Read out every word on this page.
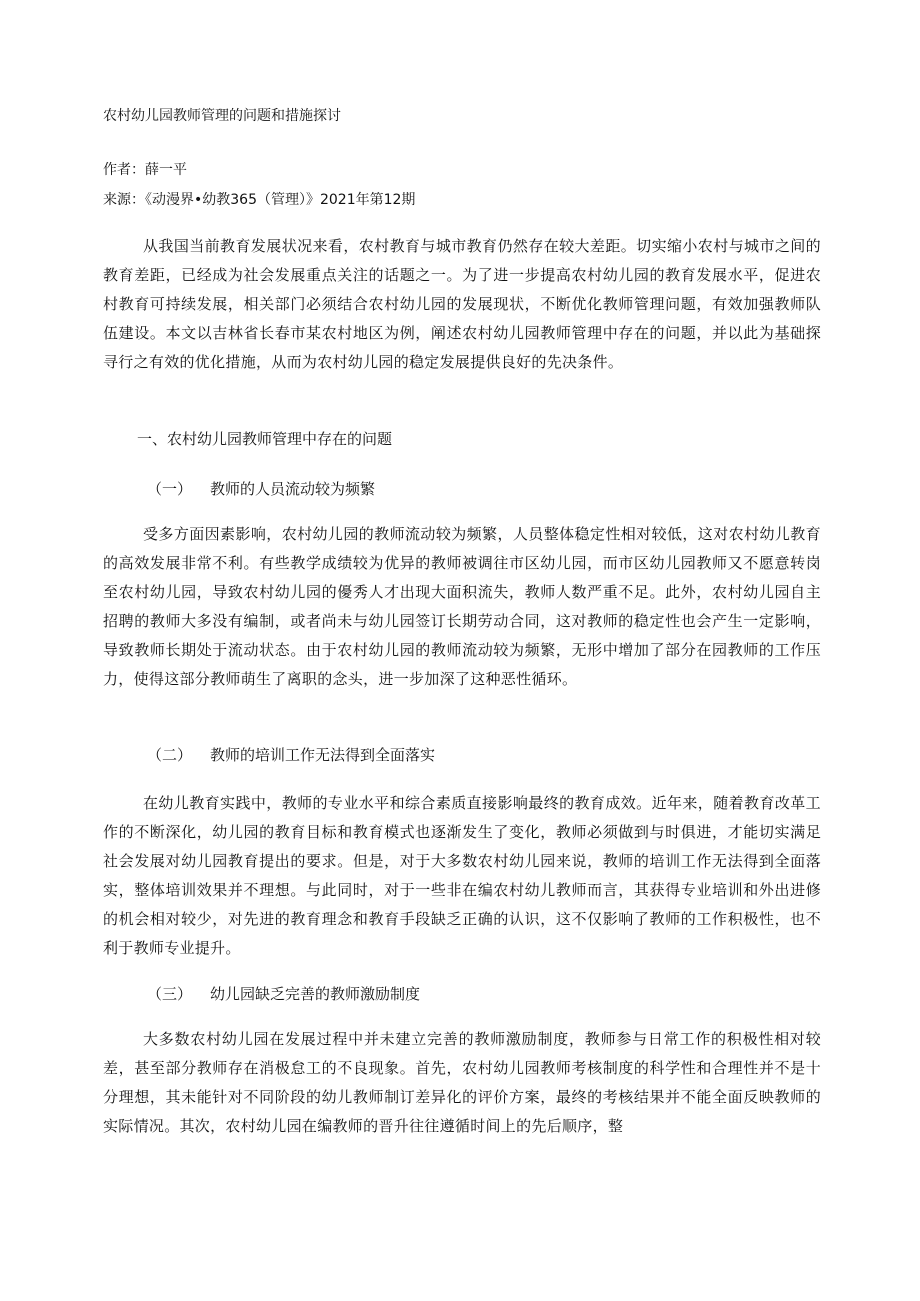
农村幼儿园教师管理的问题和措施探讨
作者：薛一平
来源：《动漫界•幼教365（管理）》2021年第12期

从我国当前教育发展状况来看，农村教育与城市教育仍然存在较大差距。切实缩小农村与城市之间的教育差距，已经成为社会发展重点关注的话题之一。为了进一步提高农村幼儿园的教育发展水平，促进农村教育可持续发展，相关部门必须结合农村幼儿园的发展现状，不断优化教师管理问题，有效加强教师队伍建设。本文以吉林省长春市某农村地区为例，阐述农村幼儿园教师管理中存在的问题，并以此为基础探寻行之有效的优化措施，从而为农村幼儿园的稳定发展提供良好的先决条件。

一、农村幼儿园教师管理中存在的问题
（一） 教师的人员流动较为频繁

受多方面因素影响，农村幼儿园的教师流动较为频繁，人员整体稳定性相对较低，这对农村幼儿教育的高效发展非常不利。有些教学成绩较为优异的教师被调往市区幼儿园，而市区幼儿园教师又不愿意转岗至农村幼儿园，导致农村幼儿园的優秀人才出现大面积流失，教师人数严重不足。此外，农村幼儿园自主招聘的教师大多没有编制，或者尚未与幼儿园签订长期劳动合同，这对教师的稳定性也会产生一定影响，导致教师长期处于流动状态。由于农村幼儿园的教师流动较为频繁，无形中增加了部分在园教师的工作压力，使得这部分教师萌生了离职的念头，进一步加深了这种恶性循环。

（二） 教师的培训工作无法得到全面落实

在幼儿教育实践中，教师的专业水平和综合素质直接影响最终的教育成效。近年来，随着教育改革工作的不断深化，幼儿园的教育目标和教育模式也逐渐发生了变化，教师必须做到与时俱进，才能切实满足社会发展对幼儿园教育提出的要求。但是，对于大多数农村幼儿园来说，教师的培训工作无法得到全面落实，整体培训效果并不理想。与此同时，对于一些非在编农村幼儿教师而言，其获得专业培训和外出进修的机会相对较少，对先进的教育理念和教育手段缺乏正确的认识，这不仅影响了教师的工作积极性，也不利于教师专业提升。

（三） 幼儿园缺乏完善的教师激励制度

大多数农村幼儿园在发展过程中并未建立完善的教师激励制度，教师参与日常工作的积极性相对较差，甚至部分教师存在消极怠工的不良现象。首先，农村幼儿园教师考核制度的科学性和合理性并不是十分理想，其未能针对不同阶段的幼儿教师制订差异化的评价方案，最终的考核结果并不能全面反映教师的实际情况。其次，农村幼儿园在编教师的晋升往往遵循时间上的先后顺序，整
